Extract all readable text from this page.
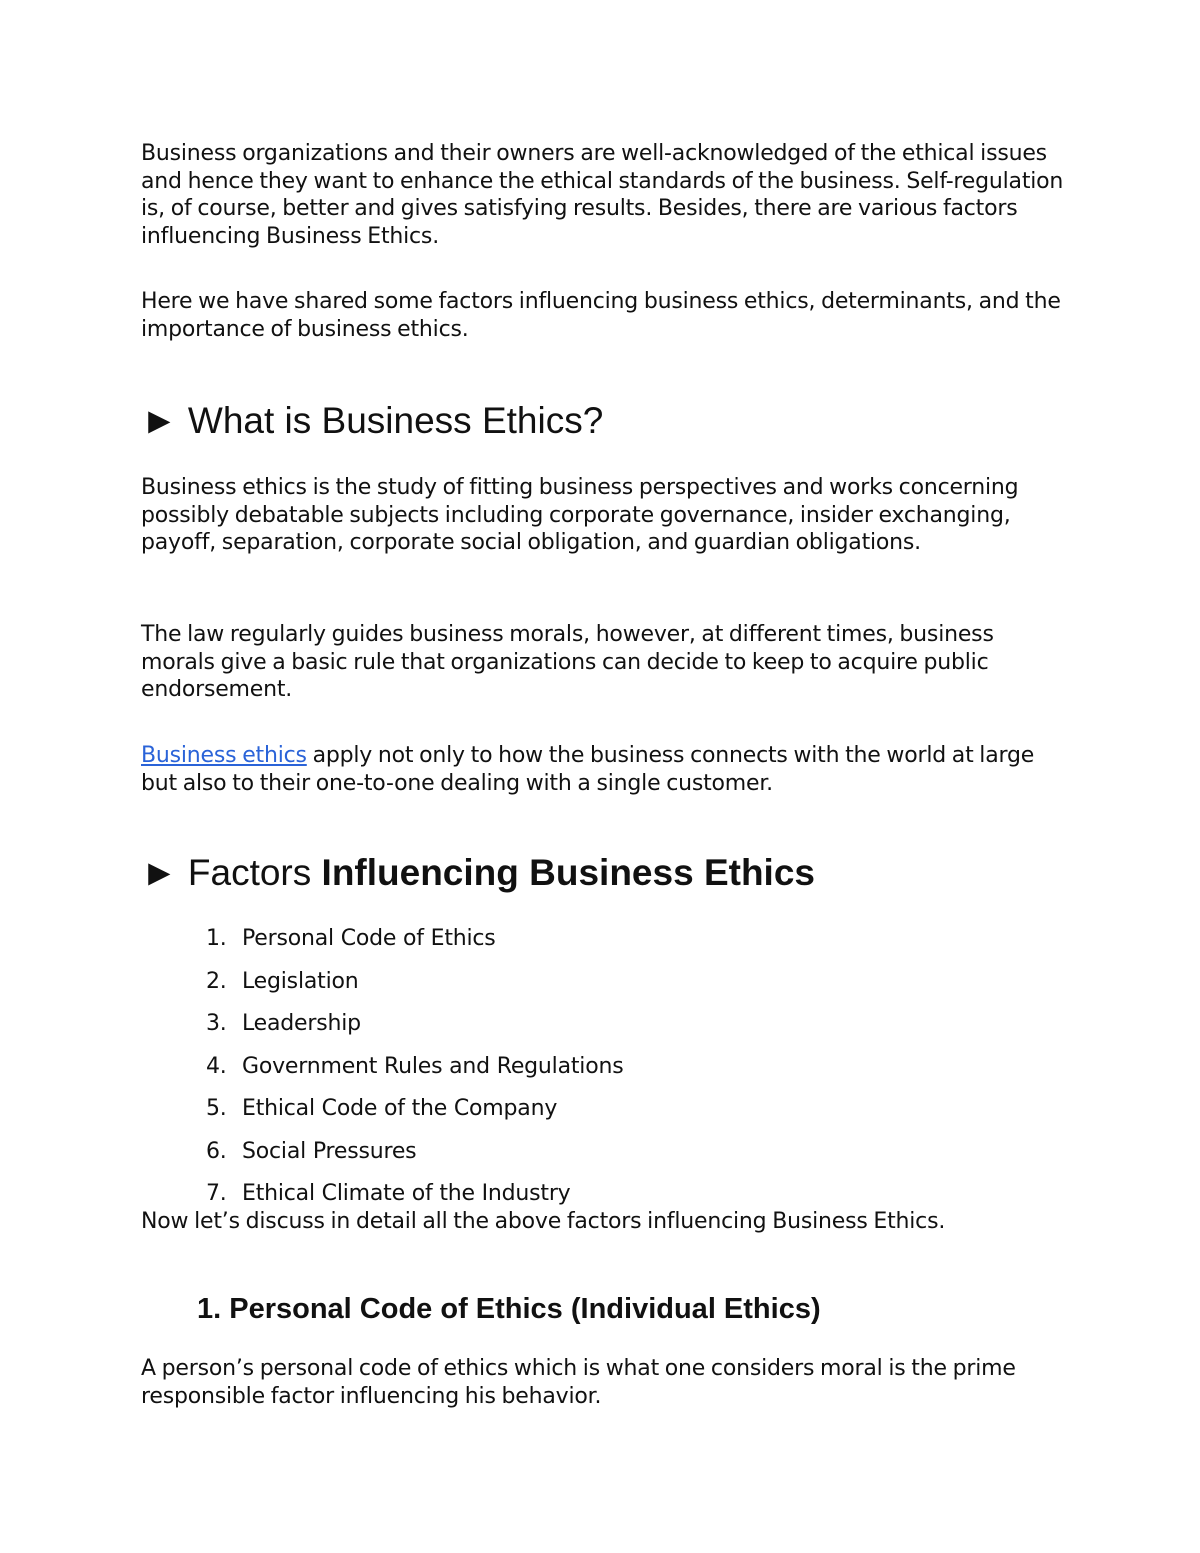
Business organizations and their owners are well-acknowledged of the ethical issues and hence they want to enhance the ethical standards of the business. Self-regulation is, of course, better and gives satisfying results. Besides, there are various factors influencing Business Ethics.

Here we have shared some factors influencing business ethics, determinants, and the importance of business ethics.

► What is Business Ethics?

Business ethics is the study of fitting business perspectives and works concerning possibly debatable subjects including corporate governance, insider exchanging, payoff, separation, corporate social obligation, and guardian obligations.

The law regularly guides business morals, however, at different times, business morals give a basic rule that organizations can decide to keep to acquire public endorsement.

Business ethics apply not only to how the business connects with the world at large but also to their one-to-one dealing with a single customer.

► Factors Influencing Business Ethics
1. Personal Code of Ethics
2. Legislation
3. Leadership
4. Government Rules and Regulations
5. Ethical Code of the Company
6. Social Pressures
7. Ethical Climate of the Industry

Now let’s discuss in detail all the above factors influencing Business Ethics.

1. Personal Code of Ethics (Individual Ethics)

A person’s personal code of ethics which is what one considers moral is the prime responsible factor influencing his behavior.
